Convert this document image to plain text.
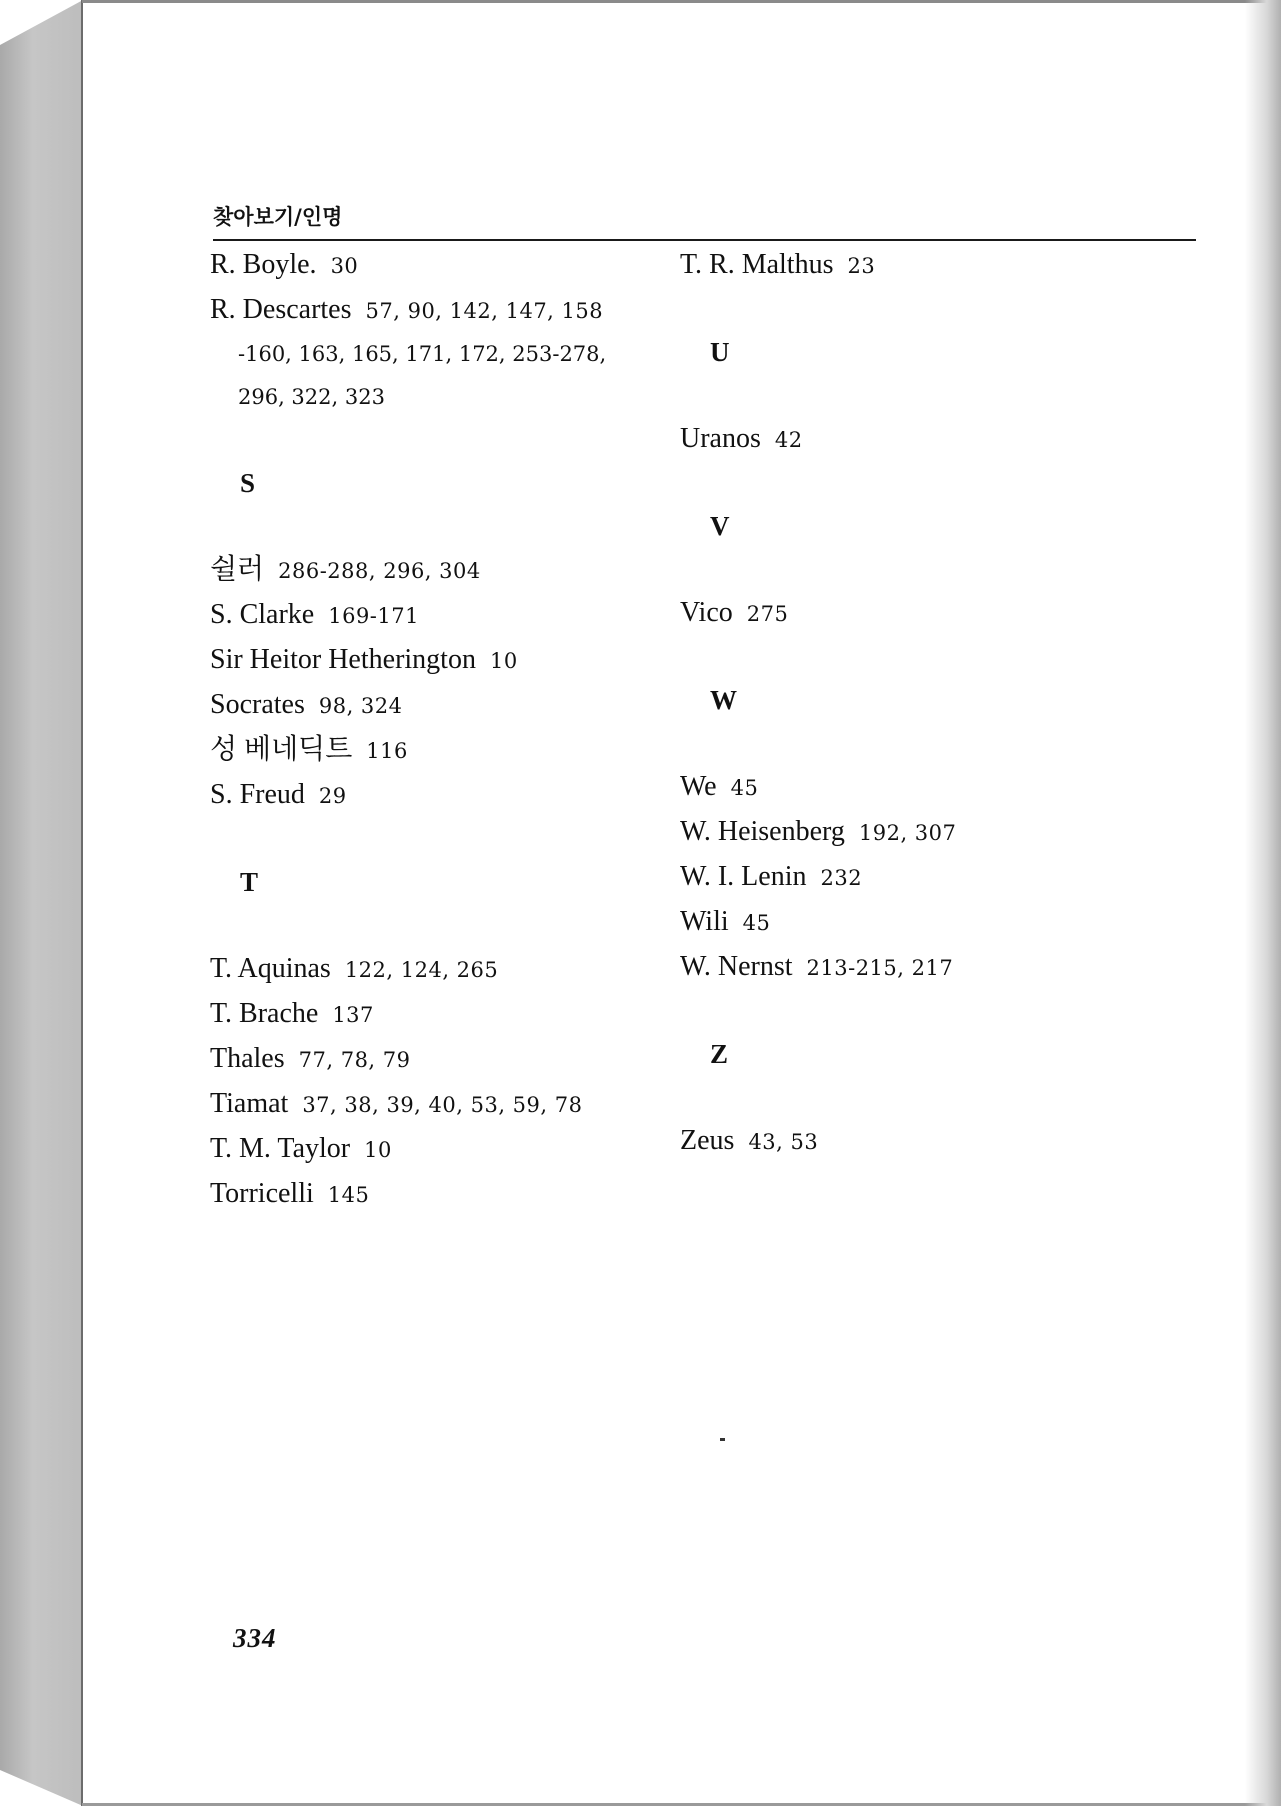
찾아보기/인명
R. Boyle. 30
R. Descartes 57, 90, 142, 147, 158
-160, 163, 165, 171, 172, 253-278,
296, 322, 323
S
쉴러 286-288, 296, 304
S. Clarke 169-171
Sir Heitor Hetherington 10
Socrates 98, 324
성 베네딕트 116
S. Freud 29
T
T. Aquinas 122, 124, 265
T. Brache 137
Thales 77, 78, 79
Tiamat 37, 38, 39, 40, 53, 59, 78
T. M. Taylor 10
Torricelli 145
T. R. Malthus 23
U
Uranos 42
V
Vico 275
W
We 45
W. Heisenberg 192, 307
W. I. Lenin 232
Wili 45
W. Nernst 213-215, 217
Z
Zeus 43, 53
334
